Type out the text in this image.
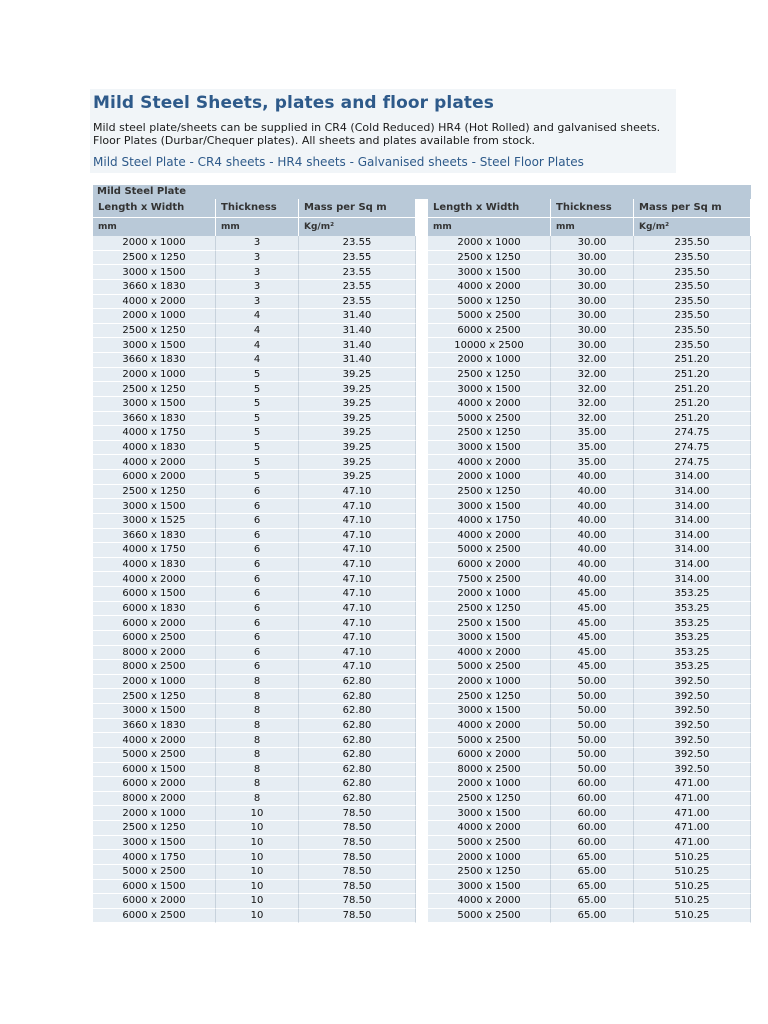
Mild Steel Sheets, plates and floor plates

Mild steel plate/sheets can be supplied in CR4 (Cold Reduced) HR4 (Hot Rolled) and galvanised sheets.
Floor Plates (Durbar/Chequer plates). All sheets and plates available from stock.

Mild Steel Plate - CR4 sheets - HR4 sheets - Galvanised sheets - Steel Floor Plates
Mild Steel Plate						
Length x Width	Thickness	Mass per Sq m		Length x Width	Thickness	Mass per Sq m
mm	mm	Kg/m²		mm	mm	Kg/m²
2000 x 1000	3	23.55		2000 x 1000	30.00	235.50
2500 x 1250	3	23.55		2500 x 1250	30.00	235.50
3000 x 1500	3	23.55		3000 x 1500	30.00	235.50
3660 x 1830	3	23.55		4000 x 2000	30.00	235.50
4000 x 2000	3	23.55		5000 x 1250	30.00	235.50
2000 x 1000	4	31.40		5000 x 2500	30.00	235.50
2500 x 1250	4	31.40		6000 x 2500	30.00	235.50
3000 x 1500	4	31.40		10000 x 2500	30.00	235.50
3660 x 1830	4	31.40		2000 x 1000	32.00	251.20
2000 x 1000	5	39.25		2500 x 1250	32.00	251.20
2500 x 1250	5	39.25		3000 x 1500	32.00	251.20
3000 x 1500	5	39.25		4000 x 2000	32.00	251.20
3660 x 1830	5	39.25		5000 x 2500	32.00	251.20
4000 x 1750	5	39.25		2500 x 1250	35.00	274.75
4000 x 1830	5	39.25		3000 x 1500	35.00	274.75
4000 x 2000	5	39.25		4000 x 2000	35.00	274.75
6000 x 2000	5	39.25		2000 x 1000	40.00	314.00
2500 x 1250	6	47.10		2500 x 1250	40.00	314.00
3000 x 1500	6	47.10		3000 x 1500	40.00	314.00
3000 x 1525	6	47.10		4000 x 1750	40.00	314.00
3660 x 1830	6	47.10		4000 x 2000	40.00	314.00
4000 x 1750	6	47.10		5000 x 2500	40.00	314.00
4000 x 1830	6	47.10		6000 x 2000	40.00	314.00
4000 x 2000	6	47.10		7500 x 2500	40.00	314.00
6000 x 1500	6	47.10		2000 x 1000	45.00	353.25
6000 x 1830	6	47.10		2500 x 1250	45.00	353.25
6000 x 2000	6	47.10		2500 x 1500	45.00	353.25
6000 x 2500	6	47.10		3000 x 1500	45.00	353.25
8000 x 2000	6	47.10		4000 x 2000	45.00	353.25
8000 x 2500	6	47.10		5000 x 2500	45.00	353.25
2000 x 1000	8	62.80		2000 x 1000	50.00	392.50
2500 x 1250	8	62.80		2500 x 1250	50.00	392.50
3000 x 1500	8	62.80		3000 x 1500	50.00	392.50
3660 x 1830	8	62.80		4000 x 2000	50.00	392.50
4000 x 2000	8	62.80		5000 x 2500	50.00	392.50
5000 x 2500	8	62.80		6000 x 2000	50.00	392.50
6000 x 1500	8	62.80		8000 x 2500	50.00	392.50
6000 x 2000	8	62.80		2000 x 1000	60.00	471.00
8000 x 2000	8	62.80		2500 x 1250	60.00	471.00
2000 x 1000	10	78.50		3000 x 1500	60.00	471.00
2500 x 1250	10	78.50		4000 x 2000	60.00	471.00
3000 x 1500	10	78.50		5000 x 2500	60.00	471.00
4000 x 1750	10	78.50		2000 x 1000	65.00	510.25
5000 x 2500	10	78.50		2500 x 1250	65.00	510.25
6000 x 1500	10	78.50		3000 x 1500	65.00	510.25
6000 x 2000	10	78.50		4000 x 2000	65.00	510.25
6000 x 2500	10	78.50		5000 x 2500	65.00	510.25
